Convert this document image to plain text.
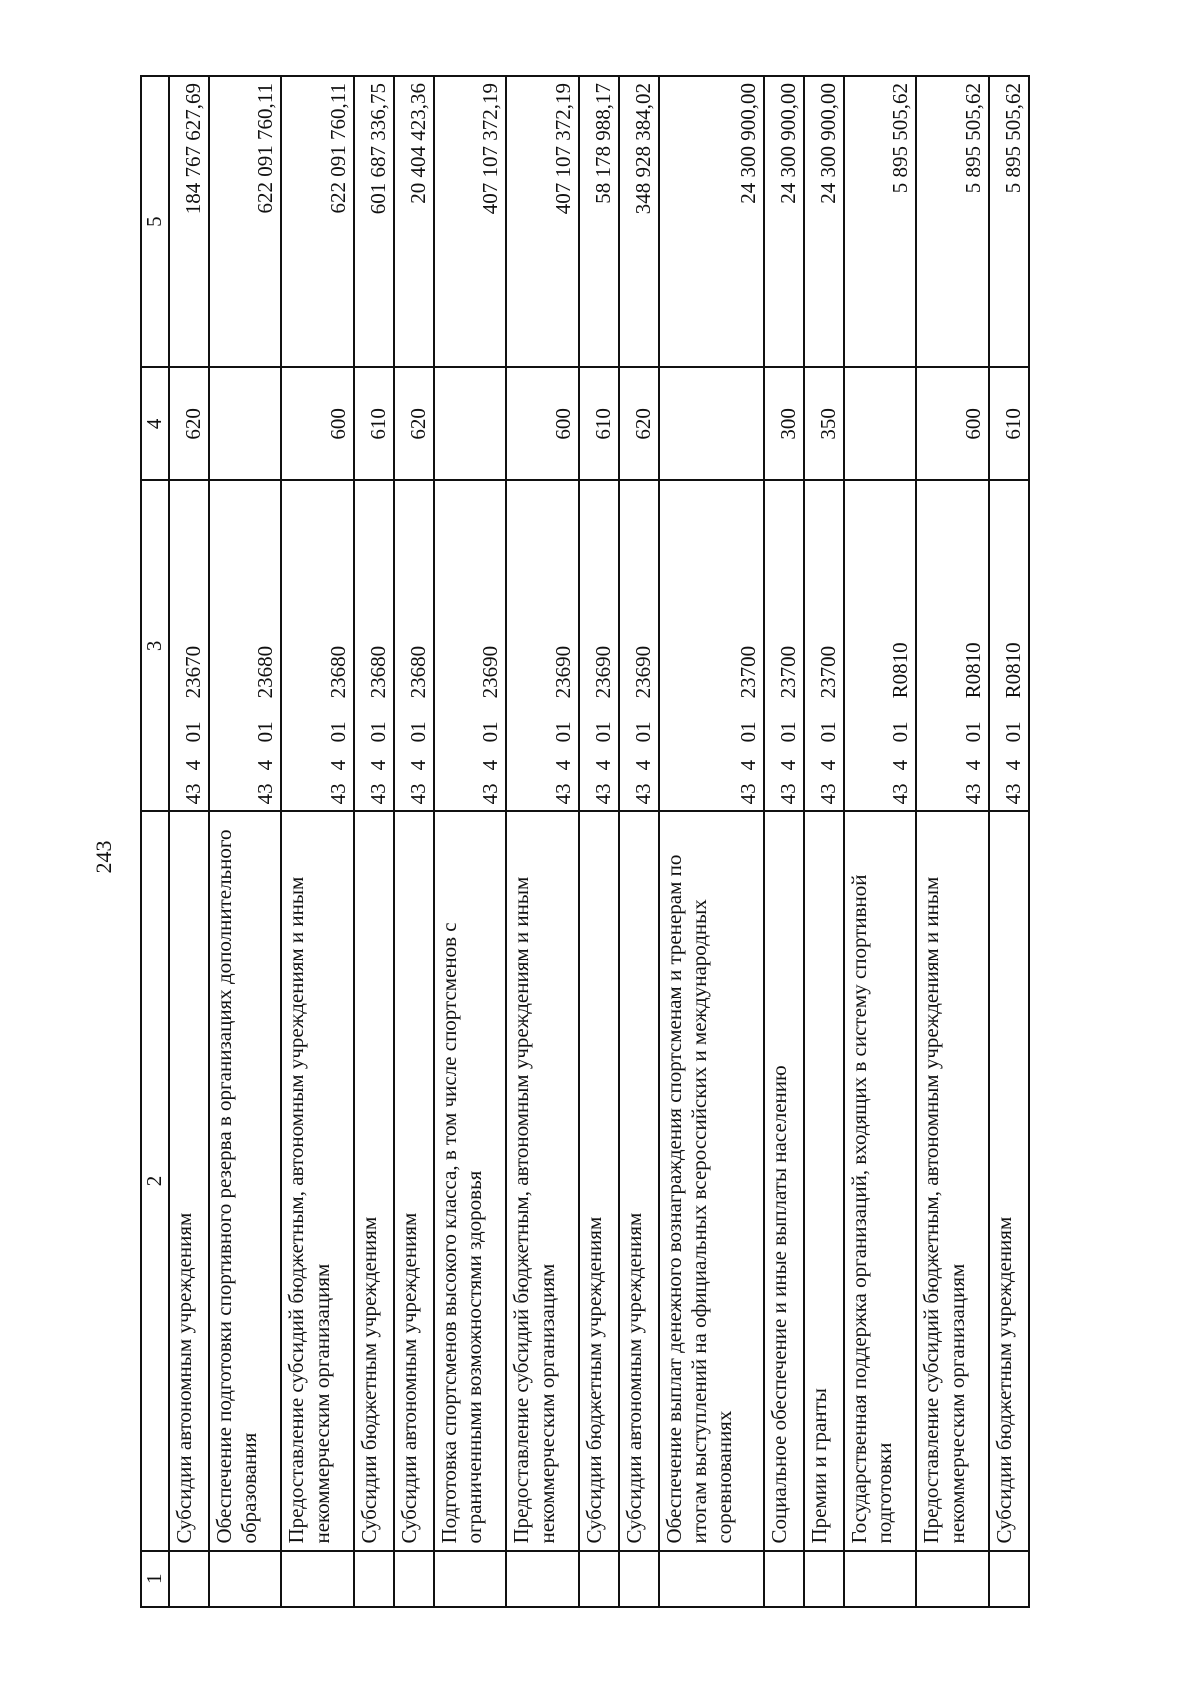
243
1	2	3	4	5
	Субсидии автономным учреждениям	4340123670	620	184 767 627,69
	Обеспечение подготовки спортивного резерва в организациях дополнительного образования	4340123680		622 091 760,11
	Предоставление субсидий бюджетным, автономным учреждениям и иным некоммерческим организациям	4340123680	600	622 091 760,11
	Субсидии бюджетным учреждениям	4340123680	610	601 687 336,75
	Субсидии автономным учреждениям	4340123680	620	20 404 423,36
	Подготовка спортсменов высокого класса, в том числе спортсменов с ограниченными возможностями здоровья	4340123690		407 107 372,19
	Предоставление субсидий бюджетным, автономным учреждениям и иным некоммерческим организациям	4340123690	600	407 107 372,19
	Субсидии бюджетным учреждениям	4340123690	610	58 178 988,17
	Субсидии автономным учреждениям	4340123690	620	348 928 384,02
	Обеспечение выплат денежного вознаграждения спортсменам и тренерам по итогам выступлений на официальных всероссийских и международных соревнованиях	4340123700		24 300 900,00
	Социальное обеспечение и иные выплаты населению	4340123700	300	24 300 900,00
	Премии и гранты	4340123700	350	24 300 900,00
	Государственная поддержка организаций, входящих в систему спортивной подготовки	43401R0810		5 895 505,62
	Предоставление субсидий бюджетным, автономным учреждениям и иным некоммерческим организациям	43401R0810	600	5 895 505,62
	Субсидии бюджетным учреждениям	43401R0810	610	5 895 505,62
